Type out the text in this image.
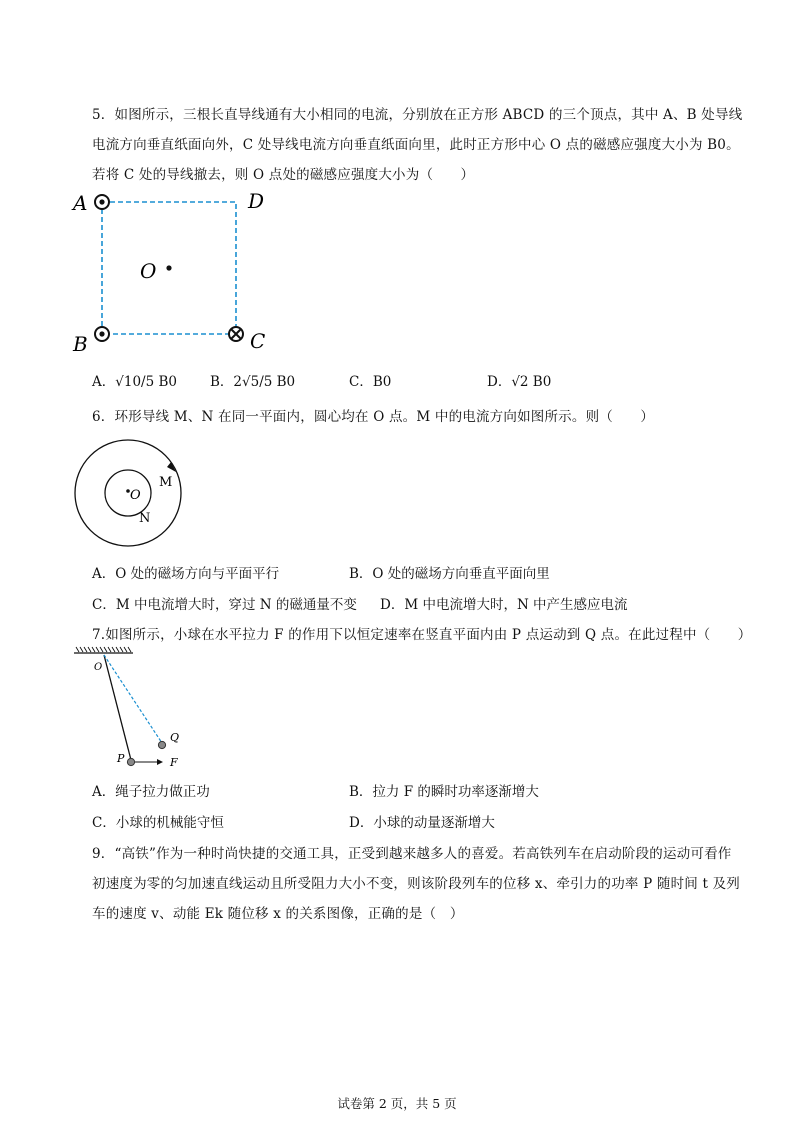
5．如图所示，三根长直导线通有大小相同的电流，分别放在正方形 ABCD 的三个顶点，其中 A、B 处导线
电流方向垂直纸面向外，C 处导线电流方向垂直纸面向里，此时正方形中心 O 点的磁感应强度大小为 B0。
若将 C 处的导线撤去，则 O 点处的磁感应强度大小为（　　）
A	D
B	C
O
A．√10/5 B0 B．2√5/5 B0	C．B0	D．√2 B0
6．环形导线 M、N 在同一平面内，圆心均在 O 点。M 中的电流方向如图所示。则（　　）
O
M
N
A．O 处的磁场方向与平面平行	B．O 处的磁场方向垂直平面向里
C．M 中电流增大时，穿过 N 的磁通量不变 D．M 中电流增大时，N 中产生感应电流
7.如图所示，小球在水平拉力 F 的作用下以恒定速率在竖直平面内由 P 点运动到 Q 点。在此过程中（　　）
O
P
Q
F
A．绳子拉力做正功	B．拉力 F 的瞬时功率逐渐增大
C．小球的机械能守恒	D．小球的动量逐渐增大
9．“高铁”作为一种时尚快捷的交通工具，正受到越来越多人的喜爱。若高铁列车在启动阶段的运动可看作
初速度为零的匀加速直线运动且所受阻力大小不变，则该阶段列车的位移 x、牵引力的功率 P 随时间 t 及列
车的速度 v、动能 Ek 随位移 x 的关系图像，正确的是（　）
试卷第 2 页，共 5 页
